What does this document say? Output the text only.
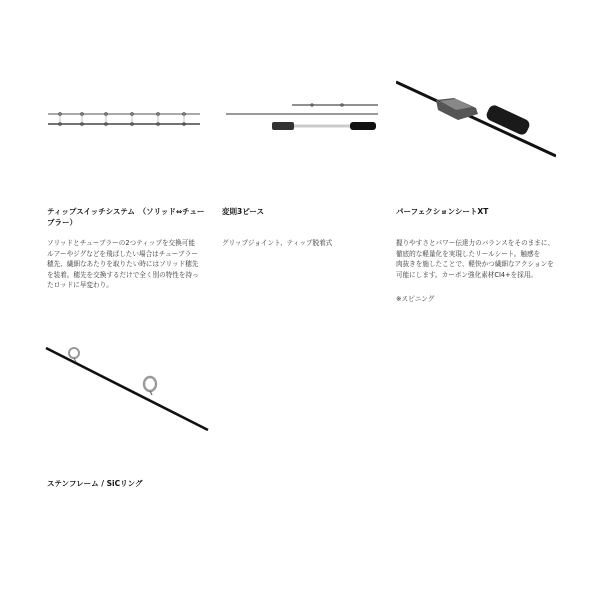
ティップスイッチシステム　（ソリッド⇔チューブラー）

ソリッドとチューブラーの2つティップを交換可能

ルアーやジグなどを飛ばしたい場合はチューブラー

穂先、繊細なあたりを取りたい時にはソリッド穂先

を装着。穂先を交換するだけで全く別の特性を持っ

たロッドに早変わり。

変則3ピース

グリップジョイント、ティップ脱着式

パーフェクションシートXT

握りやすさとパワー伝達力のバランスをそのままに、

徹底的な軽量化を実現したリールシート。触感を

肉抜きを施したことで、軽快かつ繊細なアクションを

可能にします。カーボン強化素材CI4+を採用。

※スピニング
ステンフレーム / SiCリング
